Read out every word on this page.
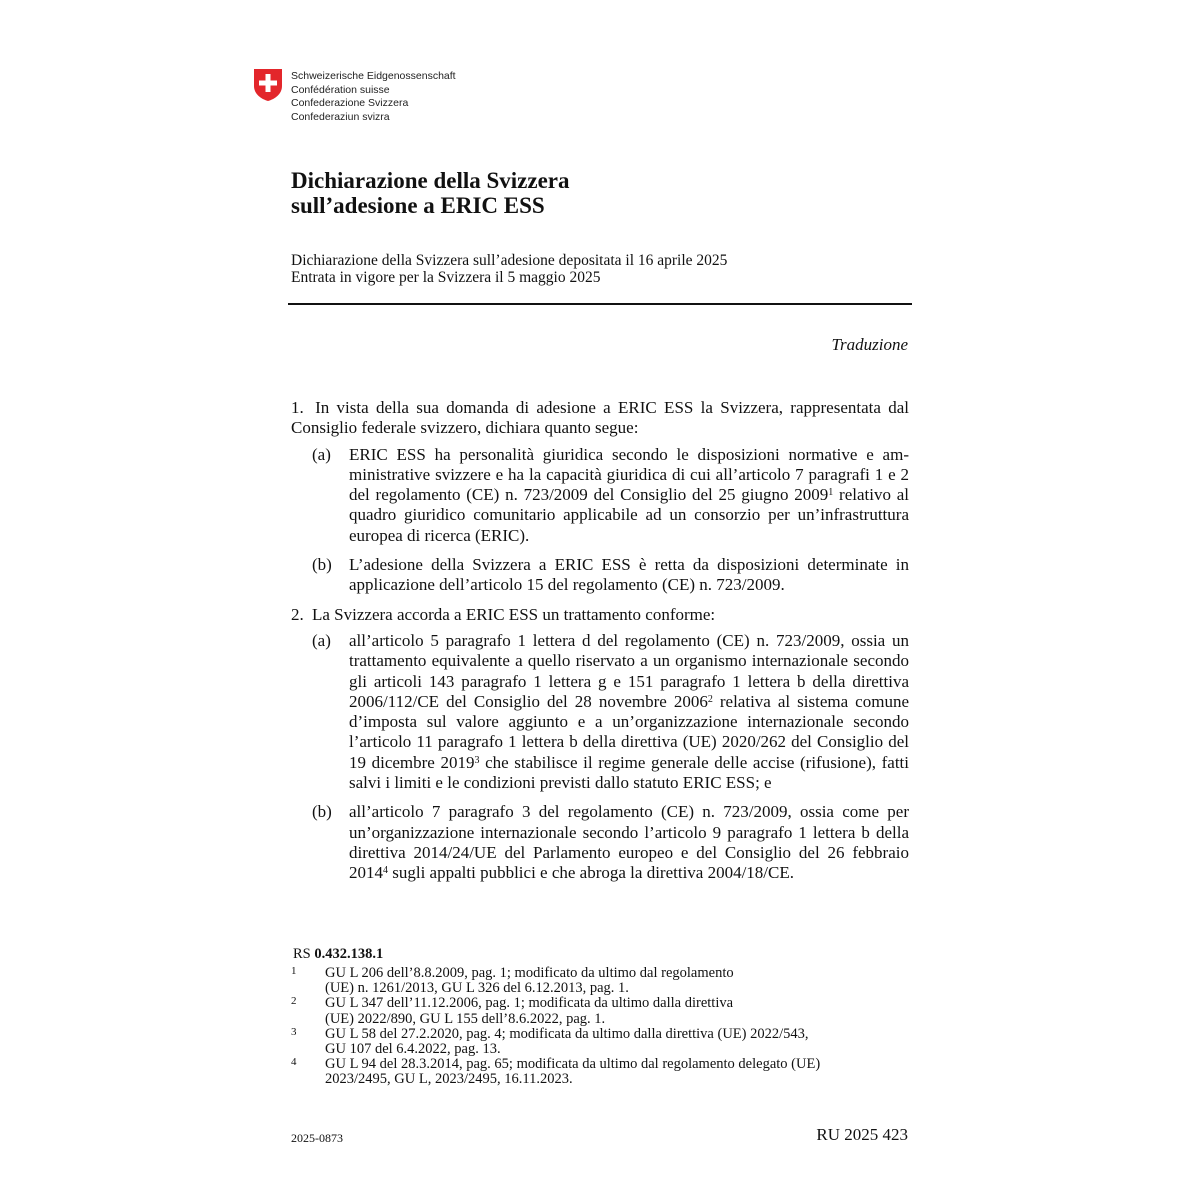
Schweizerische Eidgenossenschaft
Confédération suisse
Confederazione Svizzera
Confederaziun svizra
Dichiarazione della Svizzera
sull’adesione a ERIC ESS
Dichiarazione della Svizzera sull’adesione depositata il 16 aprile 2025
Entrata in vigore per la Svizzera il 5 maggio 2025
Traduzione

1. In vista della sua domanda di adesione a ERIC ESS la Svizzera, rappresentata dal Consiglio federale svizzero, dichiara quanto segue:

(a) ERIC ESS ha personalità giuridica secondo le disposizioni normative e amministrative svizzere e ha la capacità giuridica di cui all’articolo 7 paragrafi 1 e 2 del regolamento (CE) n. 723/2009 del Consiglio del 25 giugno 2009$^1$ relativo al quadro giuridico comunitario applicabile ad un consorzio per un’infrastruttura europea di ricerca (ERIC).

(b) L’adesione della Svizzera a ERIC ESS è retta da disposizioni determinate in applicazione dell’articolo 15 del regolamento (CE) n. 723/2009.

2. La Svizzera accorda a ERIC ESS un trattamento conforme:

(a) all’articolo 5 paragrafo 1 lettera d del regolamento (CE) n. 723/2009, ossia un trattamento equivalente a quello riservato a un organismo internazionale secondo gli articoli 143 paragrafo 1 lettera g e 151 paragrafo 1 lettera b della direttiva 2006/112/CE del Consiglio del 28 novembre 2006$^2$ relativa al sistema comune d’imposta sul valore aggiunto e a un’organizzazione internazionale secondo l’articolo 11 paragrafo 1 lettera b della direttiva (UE) 2020/262 del Consiglio del 19 dicembre 2019$^3$ che stabilisce il regime generale delle accise (rifusione), fatti salvi i limiti e le condizioni previsti dallo statuto ERIC ESS; e

(b) all’articolo 7 paragrafo 3 del regolamento (CE) n. 723/2009, ossia come per un’organizzazione internazionale secondo l’articolo 9 paragrafo 1 lettera b della direttiva 2014/24/UE del Parlamento europeo e del Consiglio del 26 febbraio 2014$^4$ sugli appalti pubblici e che abroga la direttiva 2004/18/CE.

RS 0.432.138.1
1 GU L 206 dell’8.8.2009, pag. 1; modificato da ultimo dal regolamento
(UE) n. 1261/2013, GU L 326 del 6.12.2013, pag. 1.
2 GU L 347 dell’11.12.2006, pag. 1; modificata da ultimo dalla direttiva
(UE) 2022/890, GU L 155 dell’8.6.2022, pag. 1.
3 GU L 58 del 27.2.2020, pag. 4; modificata da ultimo dalla direttiva (UE) 2022/543,
GU 107 del 6.4.2022, pag. 13.
4 GU L 94 del 28.3.2014, pag. 65; modificata da ultimo dal regolamento delegato (UE)
2023/2495, GU L, 2023/2495, 16.11.2023.
2025-0873	RU 2025 423
